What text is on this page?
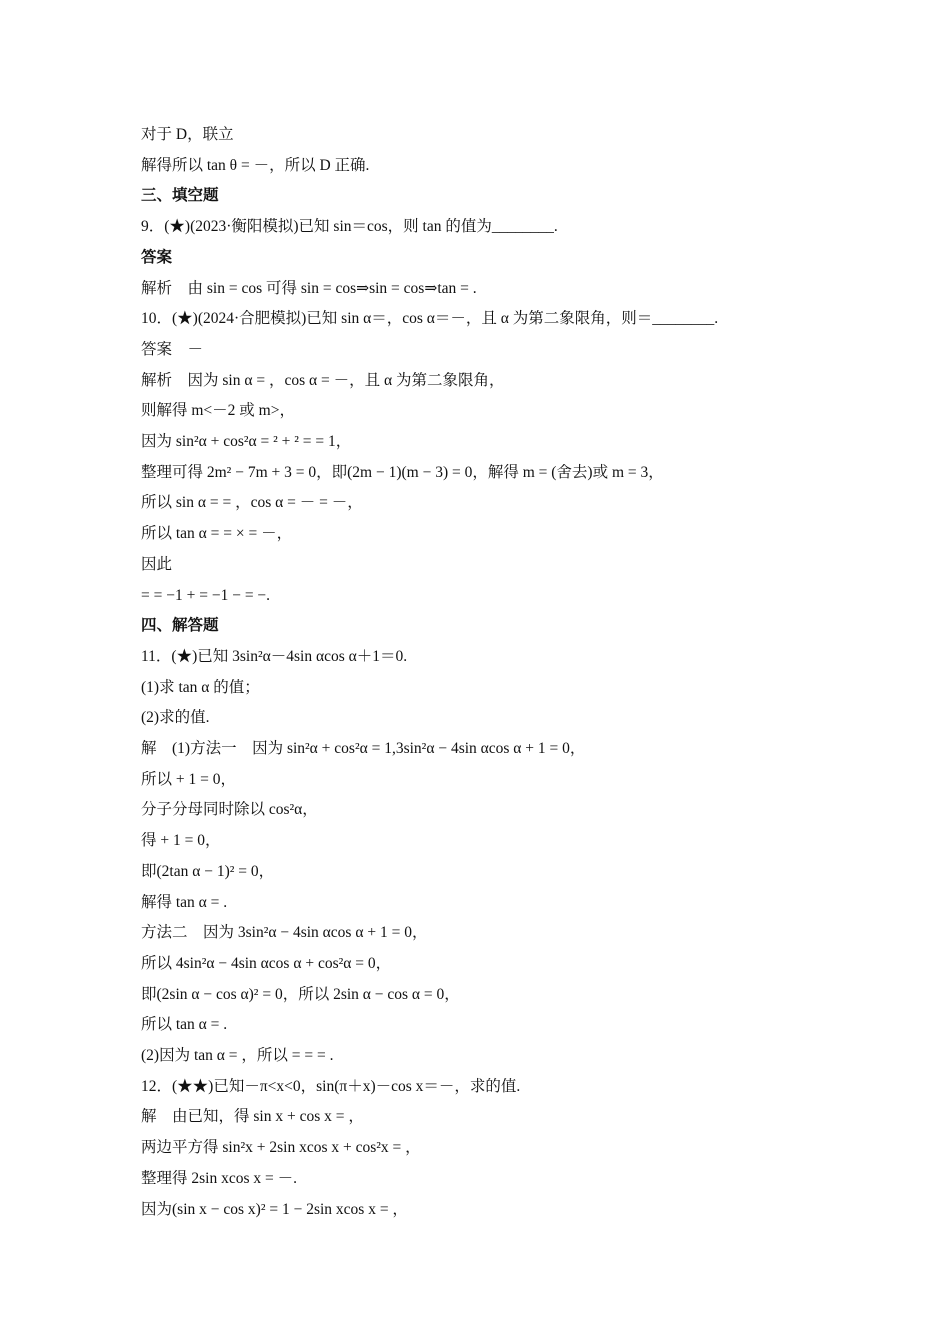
对于 D，联立
解得所以 tan θ = －，所以 D 正确.
三、填空题
9．(★)(2023·衡阳模拟)已知 sin＝cos，则 tan 的值为________.
答案
解析　由 sin = cos 可得 sin = cos⇒sin = cos⇒tan = .
10．(★)(2024·合肥模拟)已知 sin α＝，cos α＝－，且 α 为第二象限角，则＝________.
答案　－
解析　因为 sin α = ，cos α = －，且 α 为第二象限角，
则解得 m<－2 或 m>，
因为 sin²α + cos²α = ² + ² = = 1，
整理可得 2m² − 7m + 3 = 0，即(2m − 1)(m − 3) = 0，解得 m = (舍去)或 m = 3，
所以 sin α = = ，cos α = － = －，
所以 tan α = = × = －，
因此
= = −1 + = −1 − = −.
四、解答题
11．(★)已知 3sin²α－4sin αcos α＋1＝0.
(1)求 tan α 的值；
(2)求的值.
解　(1)方法一　因为 sin²α + cos²α = 1,3sin²α − 4sin αcos α + 1 = 0，
所以 + 1 = 0，
分子分母同时除以 cos²α，
得 + 1 = 0，
即(2tan α − 1)² = 0，
解得 tan α = .
方法二　因为 3sin²α − 4sin αcos α + 1 = 0，
所以 4sin²α − 4sin αcos α + cos²α = 0，
即(2sin α − cos α)² = 0，所以 2sin α − cos α = 0，
所以 tan α = .
(2)因为 tan α = ，所以 = = = .
12．(★★)已知－π<x<0，sin(π＋x)－cos x＝－，求的值.
解　由已知，得 sin x + cos x = ，
两边平方得 sin²x + 2sin xcos x + cos²x = ，
整理得 2sin xcos x = －.
因为(sin x − cos x)² = 1 − 2sin xcos x = ，
